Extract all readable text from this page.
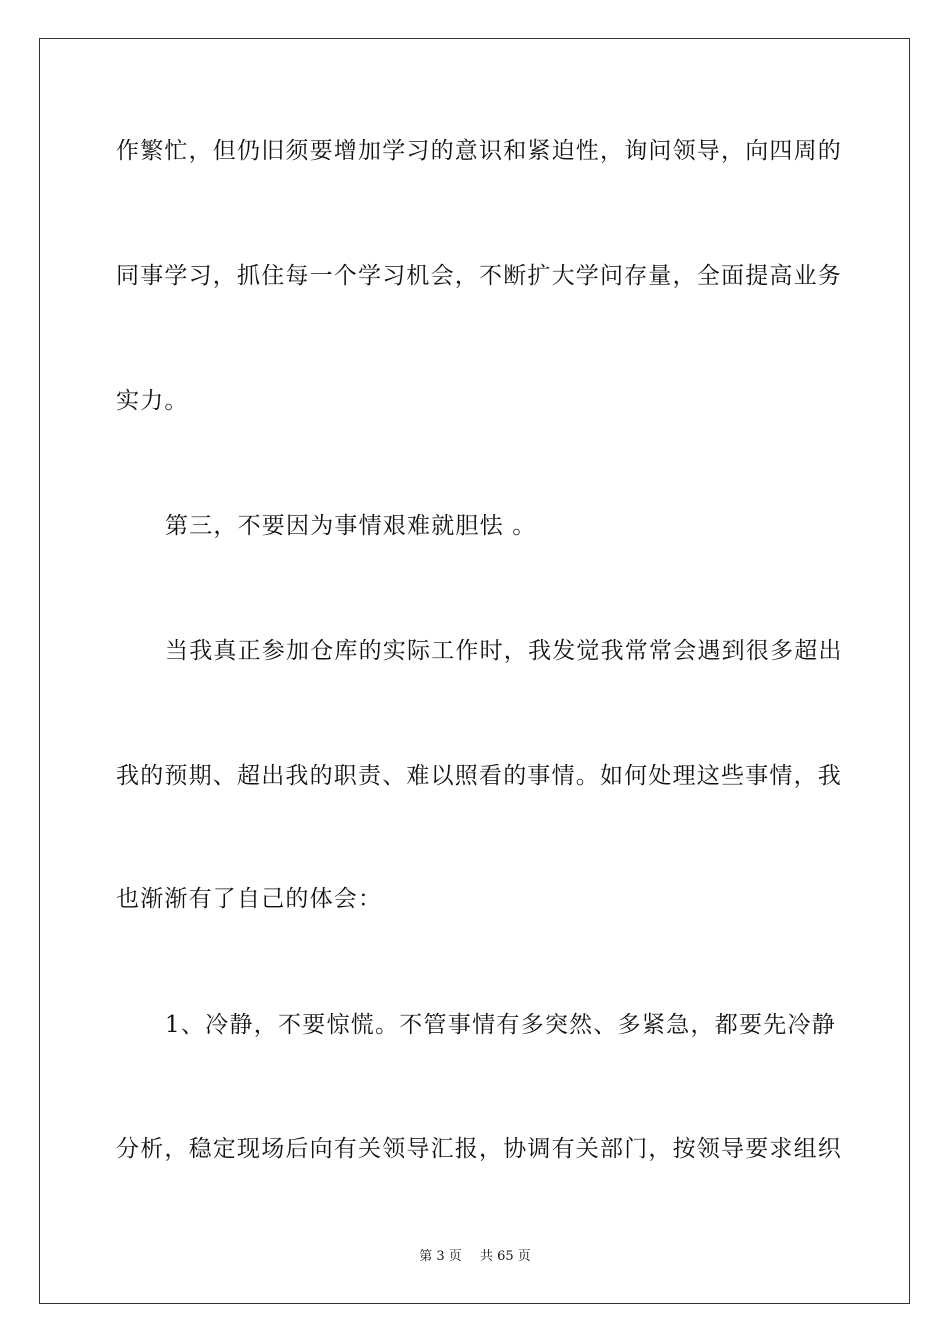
作繁忙，但仍旧须要增加学习的意识和紧迫性，询问领导，向四周的
同事学习，抓住每一个学习机会，不断扩大学问存量，全面提高业务
实力。
第三，不要因为事情艰难就胆怯 。
当我真正参加仓库的实际工作时，我发觉我常常会遇到很多超出
我的预期、超出我的职责、难以照看的事情。如何处理这些事情，我
也渐渐有了自己的体会：
1、冷静，不要惊慌。不管事情有多突然、多紧急，都要先冷静
分析，稳定现场后向有关领导汇报，协调有关部门，按领导要求组织
第 3 页 共 65 页
